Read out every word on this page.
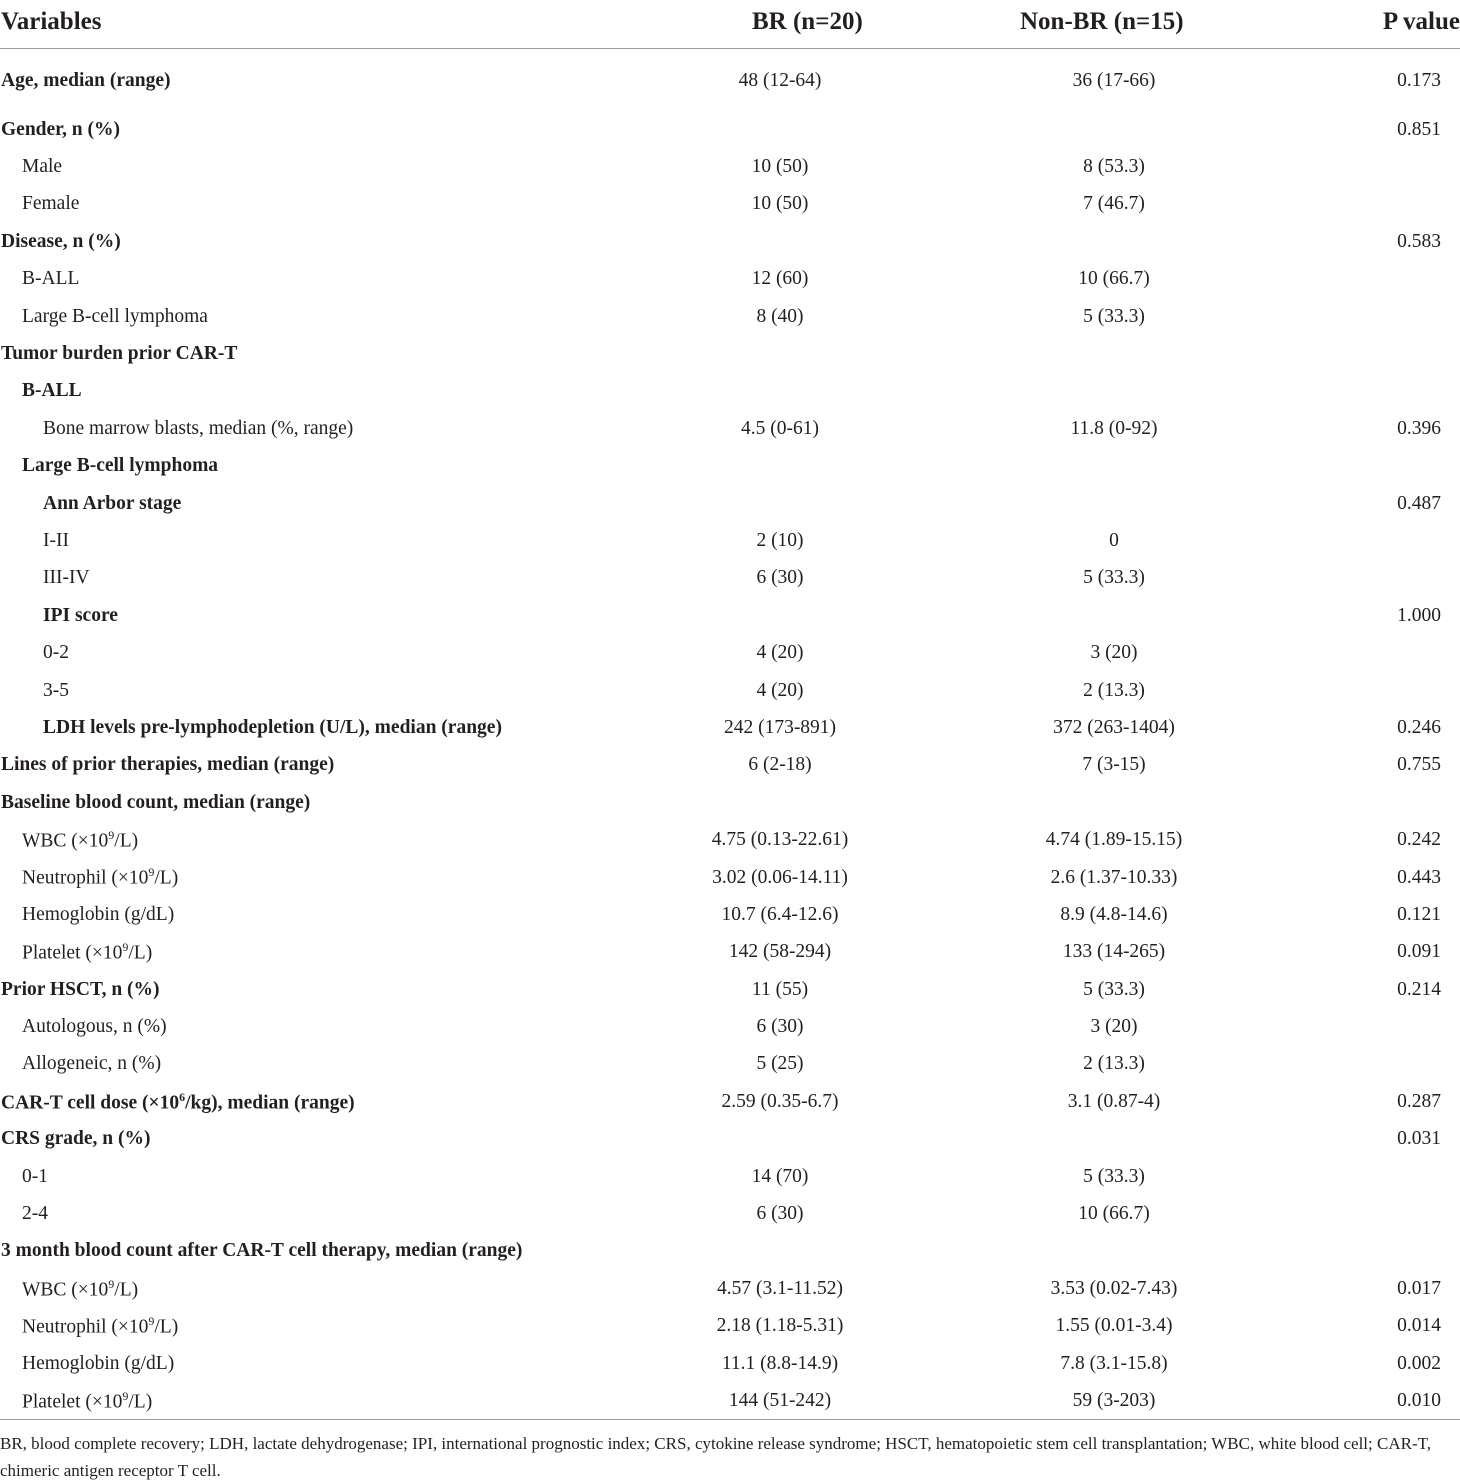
Variables	BR (n=20)	Non-BR (n=15)	P value
Age, median (range)	48 (12-64)	36 (17-66)	0.173
Gender, n (%)			0.851
Male	10 (50)	8 (53.3)	
Female	10 (50)	7 (46.7)	
Disease, n (%)			0.583
B-ALL	12 (60)	10 (66.7)	
Large B-cell lymphoma	8 (40)	5 (33.3)	
Tumor burden prior CAR-T			
B-ALL			
Bone marrow blasts, median (%, range)	4.5 (0-61)	11.8 (0-92)	0.396
Large B-cell lymphoma			
Ann Arbor stage			0.487
I-II	2 (10)	0	
III-IV	6 (30)	5 (33.3)	
IPI score			1.000
0-2	4 (20)	3 (20)	
3-5	4 (20)	2 (13.3)	
LDH levels pre-lymphodepletion (U/L), median (range)	242 (173-891)	372 (263-1404)	0.246
Lines of prior therapies, median (range)	6 (2-18)	7 (3-15)	0.755
Baseline blood count, median (range)			
WBC $(\times 10^9/L)$	4.75 (0.13-22.61)	4.74 (1.89-15.15)	0.242
Neutrophil $(\times 10^9/L)$	3.02 (0.06-14.11)	2.6 (1.37-10.33)	0.443
Hemoglobin (g/dL)	10.7 (6.4-12.6)	8.9 (4.8-14.6)	0.121
Platelet $(\times 10^9/L)$	142 (58-294)	133 (14-265)	0.091
Prior HSCT, n (%)	11 (55)	5 (33.3)	0.214
Autologous, n (%)	6 (30)	3 (20)	
Allogeneic, n (%)	5 (25)	2 (13.3)	
CAR-T cell dose $(\times 10^6/kg)$, median (range)	2.59 (0.35-6.7)	3.1 (0.87-4)	0.287
CRS grade, n (%)			0.031
0-1	14 (70)	5 (33.3)	
2-4	6 (30)	10 (66.7)	
3 month blood count after CAR-T cell therapy, median (range)			
WBC $(\times 10^9/L)$	4.57 (3.1-11.52)	3.53 (0.02-7.43)	0.017
Neutrophil $(\times 10^9/L)$	2.18 (1.18-5.31)	1.55 (0.01-3.4)	0.014
Hemoglobin (g/dL)	11.1 (8.8-14.9)	7.8 (3.1-15.8)	0.002
Platelet $(\times 10^9/L)$	144 (51-242)	59 (3-203)	0.010
BR, blood complete recovery; LDH, lactate dehydrogenase; IPI, international prognostic index; CRS, cytokine release syndrome; HSCT, hematopoietic stem cell transplantation; WBC, white blood cell; CAR-T, chimeric antigen receptor T cell.
